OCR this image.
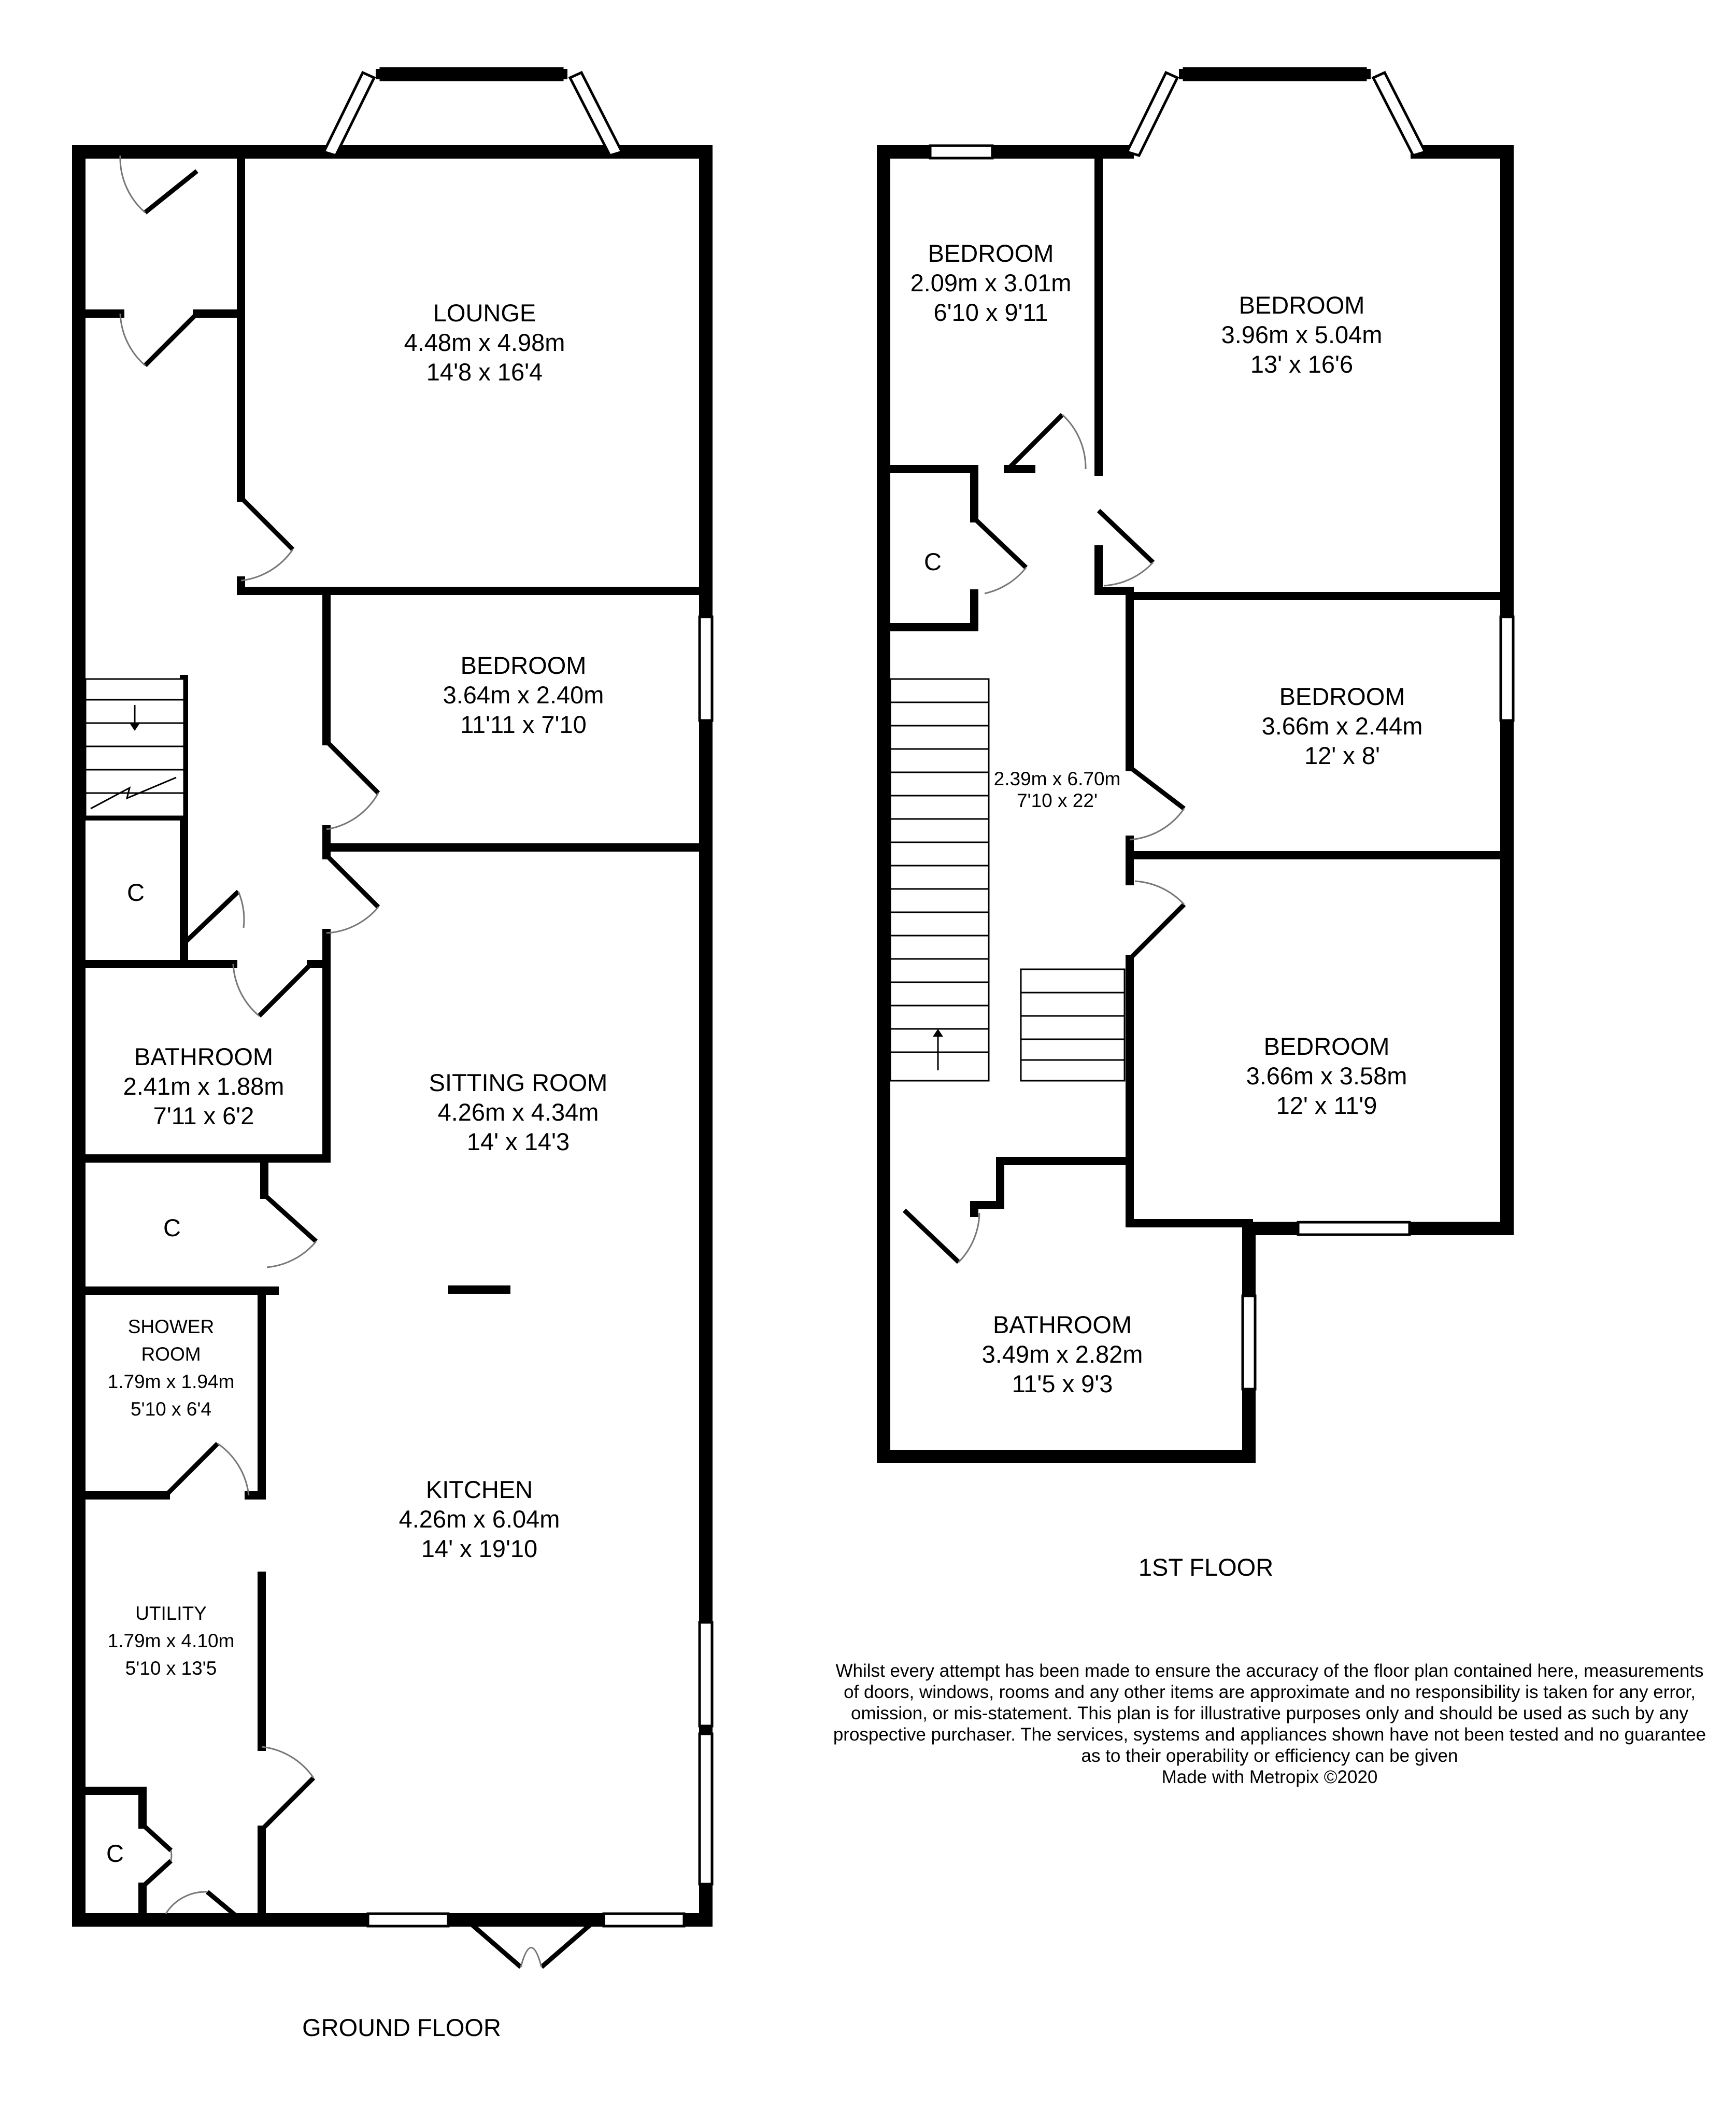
LOUNGE
4.48m x 4.98m
14'8 x 16'4
BEDROOM
3.64m x 2.40m
11'11 x 7'10
SITTING ROOM
4.26m x 4.34m
14' x 14'3
KITCHEN
4.26m x 6.04m
14' x 19'10
BATHROOM
2.41m x 1.88m
7'11 x 6'2
SHOWER
ROOM
1.79m x 1.94m
5'10 x 6'4
UTILITY
1.79m x 4.10m
5'10 x 13'5
C
C
C
GROUND FLOOR
BEDROOM
2.09m x 3.01m
6'10 x 9'11	BEDROOM
3.96m x 5.04m
13' x 16'6
BEDROOM
3.66m x 2.44m
12' x 8'
BEDROOM
3.66m x 3.58m
12' x 11'9
2.39m x 6.70m
7'10 x 22'
BATHROOM
3.49m x 2.82m
11'5 x 9'3
C
1ST FLOOR
Whilst every attempt has been made to ensure the accuracy of the floor plan contained here, measurements
of doors, windows, rooms and any other items are approximate and no responsibility is taken for any error,
omission, or mis-statement. This plan is for illustrative purposes only and should be used as such by any
prospective purchaser. The services, systems and appliances shown have not been tested and no guarantee
as to their operability or efficiency can be given
Made with Metropix ©2020
